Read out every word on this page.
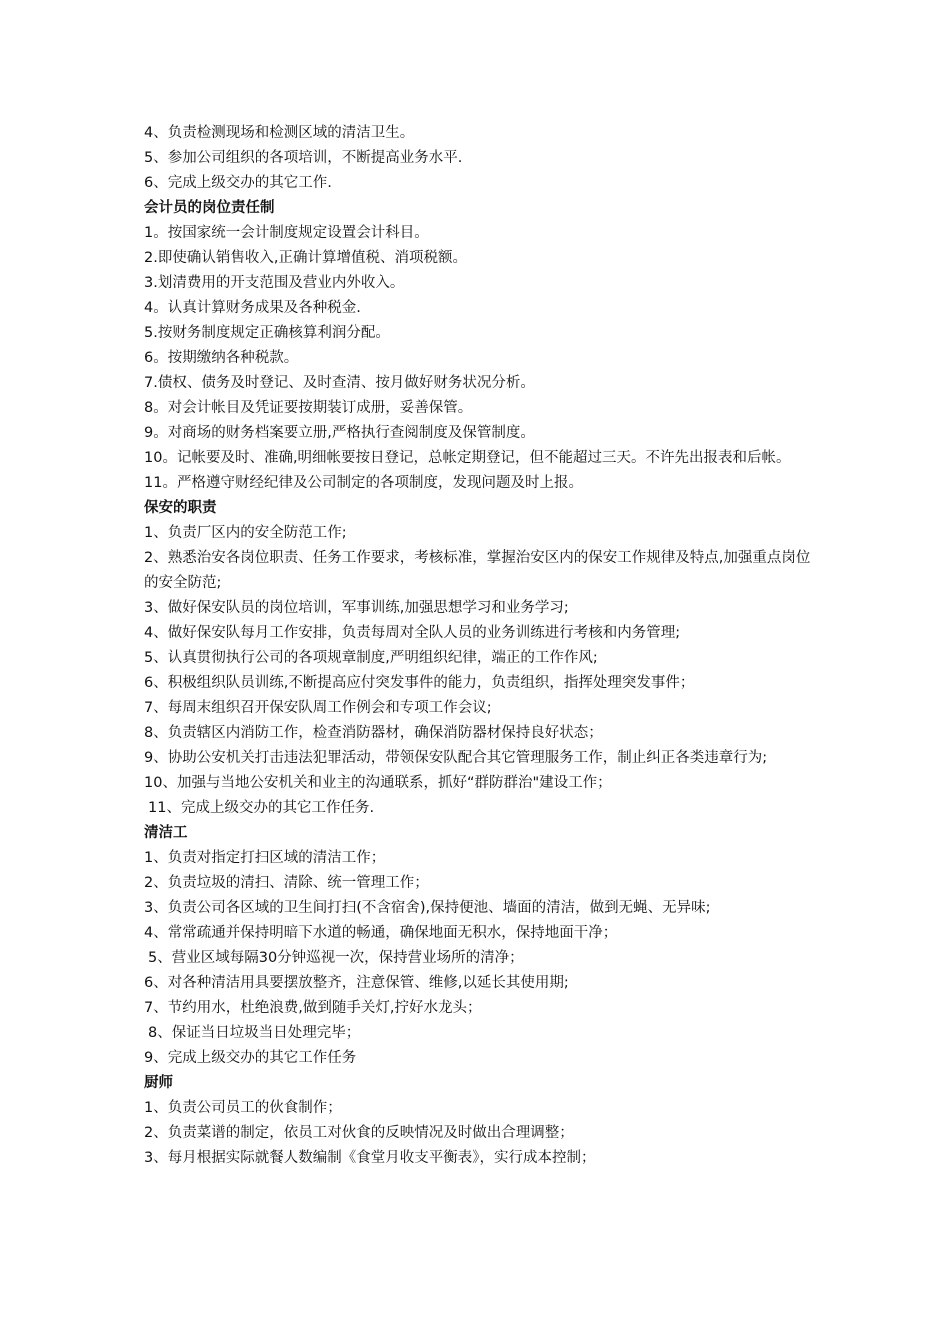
4、负责检测现场和检测区域的清洁卫生。
5、参加公司组织的各项培训，不断提高业务水平.
6、完成上级交办的其它工作.
会计员的岗位责任制
1。按国家统一会计制度规定设置会计科目。
2.即使确认销售收入,正确计算增值税、消项税额。
3.划清费用的开支范围及营业内外收入。
4。认真计算财务成果及各种税金.
5.按财务制度规定正确核算利润分配。
6。按期缴纳各种税款。
7.债权、债务及时登记、及时查清、按月做好财务状况分析。
8。对会计帐目及凭证要按期装订成册，妥善保管。
9。对商场的财务档案要立册,严格执行查阅制度及保管制度。
10。记帐要及时、准确,明细帐要按日登记，总帐定期登记，但不能超过三天。不许先出报表和后帐。
11。严格遵守财经纪律及公司制定的各项制度，发现问题及时上报。
保安的职责
1、负责厂区内的安全防范工作;
2、熟悉治安各岗位职责、任务工作要求，考核标准，掌握治安区内的保安工作规律及特点,加强重点岗位的安全防范;
3、做好保安队员的岗位培训，军事训练,加强思想学习和业务学习;
4、做好保安队每月工作安排，负责每周对全队人员的业务训练进行考核和内务管理;
5、认真贯彻执行公司的各项规章制度,严明组织纪律，端正的工作作风;
6、积极组织队员训练,不断提高应付突发事件的能力，负责组织，指挥处理突发事件；
7、每周末组织召开保安队周工作例会和专项工作会议;
8、负责辖区内消防工作，检查消防器材，确保消防器材保持良好状态；
9、协助公安机关打击违法犯罪活动，带领保安队配合其它管理服务工作，制止纠正各类违章行为;
10、加强与当地公安机关和业主的沟通联系，抓好“群防群治"建设工作；
11、完成上级交办的其它工作任务.
清洁工
1、负责对指定打扫区域的清洁工作；
2、负责垃圾的清扫、清除、统一管理工作；
3、负责公司各区域的卫生间打扫(不含宿舍),保持便池、墙面的清洁，做到无蝇、无异味;
4、常常疏通并保持明暗下水道的畅通，确保地面无积水，保持地面干净；
5、营业区域每隔30分钟巡视一次，保持营业场所的清净；
6、对各种清洁用具要摆放整齐，注意保管、维修,以延长其使用期;
7、节约用水，杜绝浪费,做到随手关灯,拧好水龙头；
8、保证当日垃圾当日处理完毕；
9、完成上级交办的其它工作任务
厨师
1、负责公司员工的伙食制作；
2、负责菜谱的制定，依员工对伙食的反映情况及时做出合理调整；
3、每月根据实际就餐人数编制《食堂月收支平衡表》，实行成本控制；
